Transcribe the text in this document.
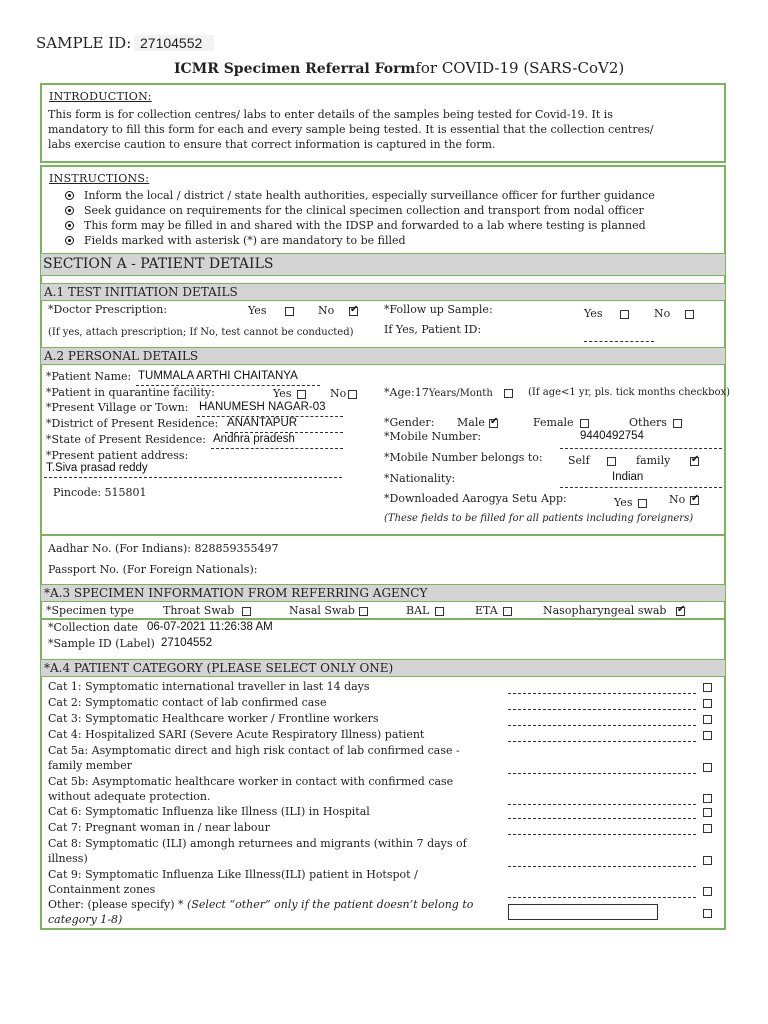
SAMPLE ID: 27104552
ICMR Specimen Referral Formfor COVID-19 (SARS-CoV2)
INTRODUCTION:
This form is for collection centres/ labs to enter details of the samples being tested for Covid-19. It is
mandatory to fill this form for each and every sample being tested. It is essential that the collection centres/
labs exercise caution to ensure that correct information is captured in the form.
INSTRUCTIONS:
Inform the local / district / state health authorities, especially surveillance officer for further guidance
Seek guidance on requirements for the clinical specimen collection and transport from nodal officer
This form may be filled in and shared with the IDSP and forwarded to a lab where testing is planned
Fields marked with asterisk (*) are mandatory to be filled
SECTION A - PATIENT DETAILS
A.1 TEST INITIATION DETAILS
*Doctor Prescription:	Yes	No
✔
(If yes, attach prescription; If No, test cannot be conducted)
*Follow up Sample:	Yes	No
If Yes, Patient ID:
A.2 PERSONAL DETAILS
*Patient Name: TUMMALA ARTHI CHAITANYA
*Patient in quarantine facility:	Yes	No
*Present Village or Town: HANUMESH NAGAR-03
*District of Present Residence: ANANTAPUR
*State of Present Residence: Andhra pradesh
*Present patient address:
T.Siva prasad reddy
Pincode: 515801
*Age:17Years/Month	(If age<1 yr, pls. tick months checkbox)
*Gender: Male
✔	Female	Others
*Mobile Number:	9440492754
*Mobile Number belongs to: Self	family
✔
*Nationality:	Indian
*Downloaded Aarogya Setu App:	Yes	No
✔
(These fields to be filled for all patients including foreigners)
Aadhar No. (For Indians): 828859355497
Passport No. (For Foreign Nationals):
*A.3 SPECIMEN INFORMATION FROM REFERRING AGENCY
*Specimen type	Throat Swab	Nasal Swab	BAL	ETA	Nasopharyngeal swab
✔
*Collection date 06-07-2021 11:26:38 AM
*Sample ID (Label) 27104552
*A.4 PATIENT CATEGORY (PLEASE SELECT ONLY ONE)
Cat 1: Symptomatic international traveller in last 14 days
Cat 2: Symptomatic contact of lab confirmed case
Cat 3: Symptomatic Healthcare worker / Frontline workers
Cat 4: Hospitalized SARI (Severe Acute Respiratory Illness) patient
Cat 5a: Asymptomatic direct and high risk contact of lab confirmed case -
family member
Cat 5b: Asymptomatic healthcare worker in contact with confirmed case
without adequate protection.
Cat 6: Symptomatic Influenza like Illness (ILI) in Hospital
Cat 7: Pregnant woman in / near labour
Cat 8: Symptomatic (ILI) amongh returnees and migrants (within 7 days of
illness)
Cat 9: Symptomatic Influenza Like Illness(ILI) patient in Hotspot /
Containment zones
Other: (please specify) * (Select “other” only if the patient doesn’t belong to
category 1-8)
